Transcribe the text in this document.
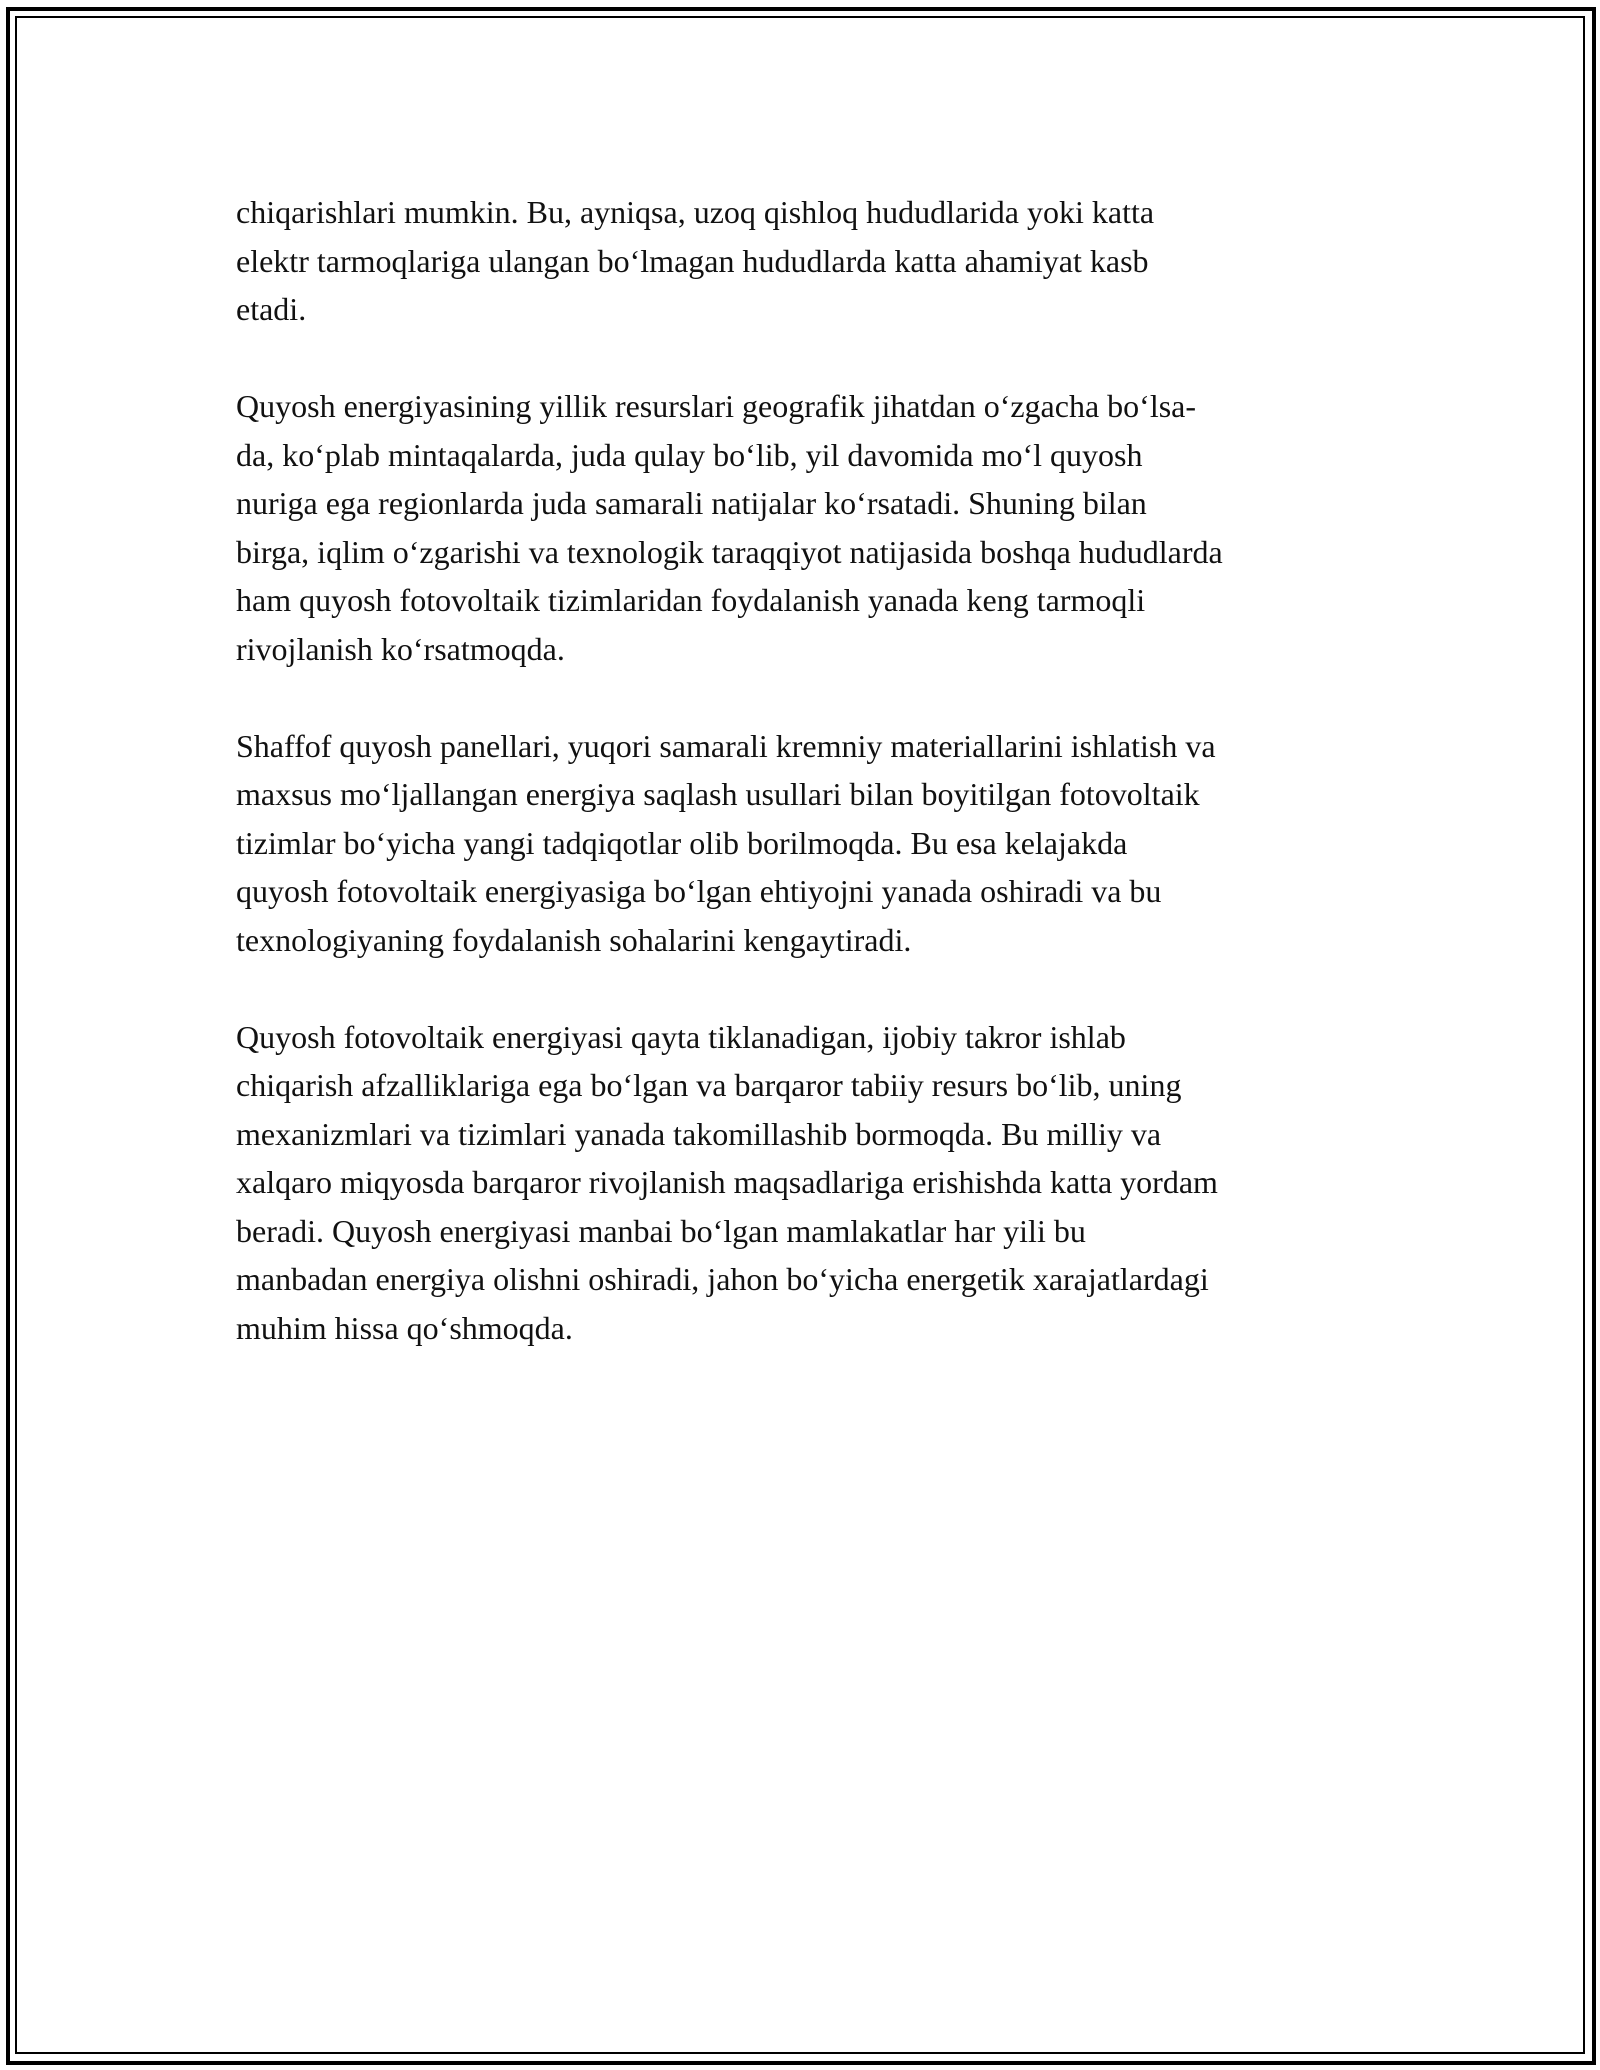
chiqarishlari mumkin. Bu, ayniqsa, uzoq qishloq hududlarida yoki katta
elektr tarmoqlariga ulangan bo‘lmagan hududlarda katta ahamiyat kasb
etadi.

Quyosh energiyasining yillik resurslari geografik jihatdan o‘zgacha bo‘lsa-
da, ko‘plab mintaqalarda, juda qulay bo‘lib, yil davomida mo‘l quyosh
nuriga ega regionlarda juda samarali natijalar ko‘rsatadi. Shuning bilan
birga, iqlim o‘zgarishi va texnologik taraqqiyot natijasida boshqa hududlarda
ham quyosh fotovoltaik tizimlaridan foydalanish yanada keng tarmoqli
rivojlanish ko‘rsatmoqda.

Shaffof quyosh panellari, yuqori samarali kremniy materiallarini ishlatish va
maxsus mo‘ljallangan energiya saqlash usullari bilan boyitilgan fotovoltaik
tizimlar bo‘yicha yangi tadqiqotlar olib borilmoqda. Bu esa kelajakda
quyosh fotovoltaik energiyasiga bo‘lgan ehtiyojni yanada oshiradi va bu
texnologiyaning foydalanish sohalarini kengaytiradi.

Quyosh fotovoltaik energiyasi qayta tiklanadigan, ijobiy takror ishlab
chiqarish afzalliklariga ega bo‘lgan va barqaror tabiiy resurs bo‘lib, uning
mexanizmlari va tizimlari yanada takomillashib bormoqda. Bu milliy va
xalqaro miqyosda barqaror rivojlanish maqsadlariga erishishda katta yordam
beradi. Quyosh energiyasi manbai bo‘lgan mamlakatlar har yili bu
manbadan energiya olishni oshiradi, jahon bo‘yicha energetik xarajatlardagi
muhim hissa qo‘shmoqda.
